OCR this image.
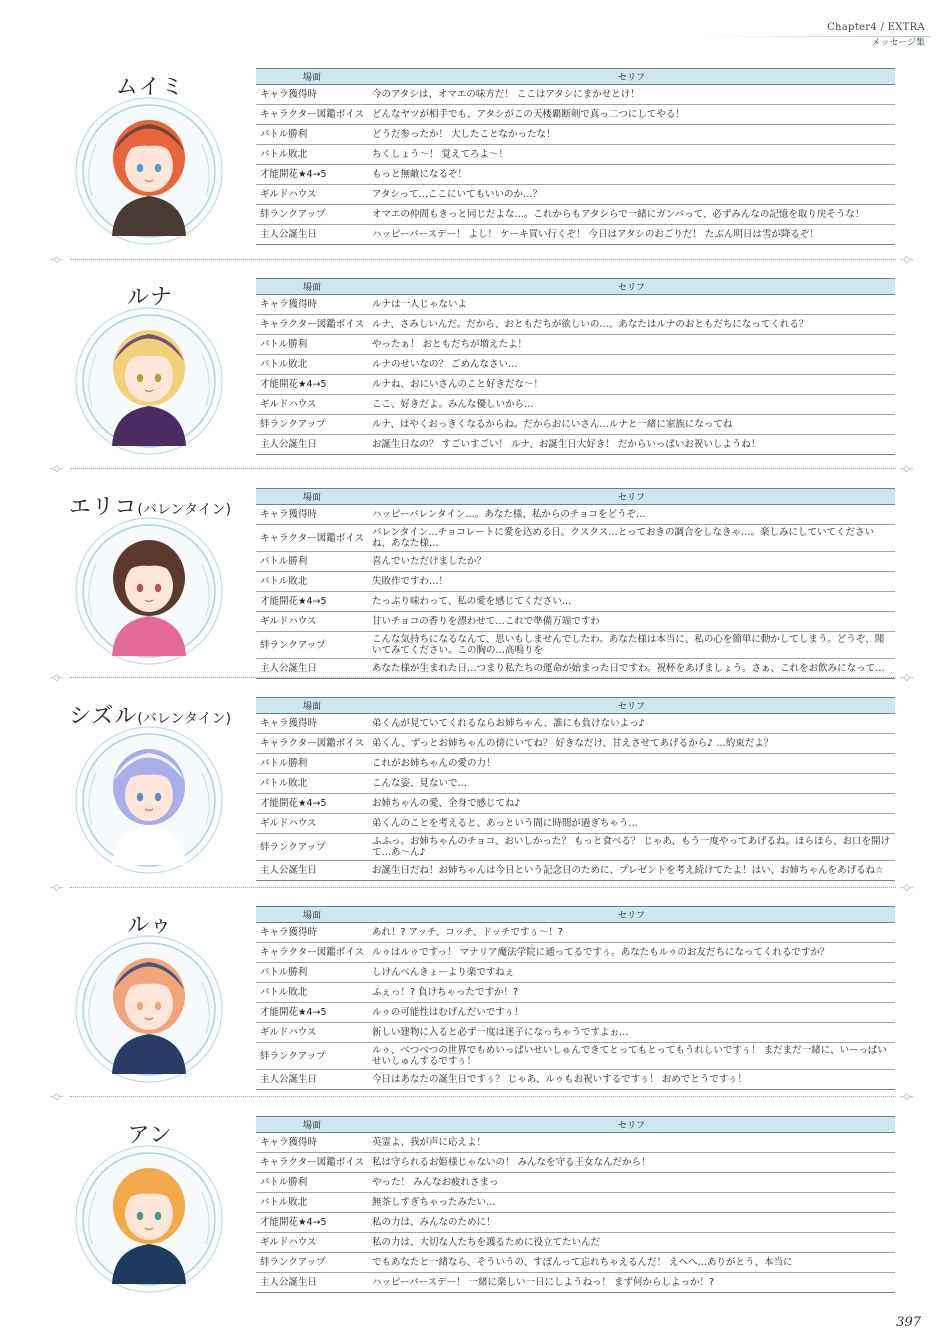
Chapter4 / EXTRA
メッセージ集
ムイミ	場面	セリフ
キャラ獲得時	今のアタシは、オマエの味方だ！ ここはアタシにまかせとけ！
キャラクター図鑑ボイス	どんなヤツが相手でも、アタシがこの天楼覇断剣で真っ二つにしてやる！
バトル勝利	どうだ参ったか！ 大したことなかったな！
バトル敗北	ちくしょう〜！ 覚えてろよ〜！
才能開花★4→5	もっと無敵になるぞ！
ギルドハウス	アタシって…ここにいてもいいのか…？
絆ランクアップ	オマエの仲間もきっと同じだよな…。これからもアタシらで一緒にガンバって、必ずみんなの記憶を取り戻そうな！
主人公誕生日	ハッピーバースデー！ よし！ ケーキ買い行くぞ！ 今日はアタシのおごりだ！ たぶん明日は雪が降るぞ！
ルナ	場面	セリフ
キャラ獲得時	ルナは一人じゃないよ
キャラクター図鑑ボイス	ルナ、さみしいんだ。だから、おともだちが欲しいの…、あなたはルナのおともだちになってくれる？
バトル勝利	やったぁ！ おともだちが増えたよ！
バトル敗北	ルナのせいなの？ ごめんなさい…
才能開花★4→5	ルナね、おにいさんのこと好きだな〜！
ギルドハウス	ここ、好きだよ。みんな優しいから…
絆ランクアップ	ルナ、はやくおっきくなるからね。だからおにいさん…ルナと一緒に家族になってね
主人公誕生日	お誕生日なの？ すごいすごい！ ルナ、お誕生日大好き！ だからいっぱいお祝いしようね！
エリコ(バレンタイン)
場面	セリフ
キャラ獲得時	ハッピーバレンタイン…。あなた様、私からのチョコをどうぞ…
キャラクター図鑑ボイス	バレンタイン…チョコレートに愛を込める日。クスクス…とっておきの調合をしなきゃ…。楽しみにしていてくださいね、あなた様…
バトル勝利	喜んでいただけましたか？
バトル敗北	失敗作ですわ…！
才能開花★4→5	たっぷり味わって、私の愛を感じてください…
ギルドハウス	甘いチョコの香りを漂わせて…これで準備万端ですわ
絆ランクアップ	こんな気持ちになるなんて、思いもしませんでしたわ。あなた様は本当に、私の心を簡単に動かしてしまう。どうぞ、聞いてみてください。この胸の…高鳴りを
主人公誕生日	あなた様が生まれた日…つまり私たちの運命が始まった日ですわ。祝杯をあげましょう。さぁ、これをお飲みになって…
シズル(バレンタイン)
場面	セリフ
キャラ獲得時	弟くんが見ていてくれるならお姉ちゃん、誰にも負けないよっ♪
キャラクター図鑑ボイス	弟くん、ずっとお姉ちゃんの傍にいてね？ 好きなだけ、甘えさせてあげるから♪ …約束だよ？
バトル勝利	これがお姉ちゃんの愛の力！
バトル敗北	こんな姿、見ないで…
才能開花★4→5	お姉ちゃんの愛、全身で感じてね♪
ギルドハウス	弟くんのことを考えると、あっという間に時間が過ぎちゃう…
絆ランクアップ	ふふっ。お姉ちゃんのチョコ、おいしかった？ もっと食べる？ じゃあ、もう一度やってあげるね。ほらほら、お口を開けて…あ〜ん♪
主人公誕生日	お誕生日だね！お姉ちゃんは今日という記念日のために、プレゼントを考え続けてたよ！はい、お姉ちゃんをあげるね☆
ルゥ	場面	セリフ
キャラ獲得時	あれ！? アッチ、コッチ、ドッチですぅ〜！?
キャラクター図鑑ボイス	ルゥはルゥですっ！ マナリア魔法学院に通ってるですぅ。あなたもルゥのお友だちになってくれるですか？
バトル勝利	しけんべんきょーより楽ですねぇ
バトル敗北	ふぇっ！? 負けちゃったですか！?
才能開花★4→5	ルゥの可能性はむげんだいですぅ！
ギルドハウス	新しい建物に入ると必ず一度は迷子になっちゃうですよぉ…
絆ランクアップ	ルゥ、べつべつの世界でもめいっぱいせいしゅんできてとってもとってもうれしいですぅ！ まだまだ一緒に、いーっぱいせいしゅんするですぅ！
主人公誕生日	今日はあなたの誕生日ですぅ？ じゃあ、ルゥもお祝いするですぅ！ おめでとうですぅ！
アン	場面	セリフ
キャラ獲得時	英霊よ、我が声に応えよ！
キャラクター図鑑ボイス	私は守られるお姫様じゃないの！ みんなを守る王女なんだから！
バトル勝利	やった！ みんなお疲れさまっ
バトル敗北	無茶しすぎちゃったみたい…
才能開花★4→5	私の力は、みんなのために！
ギルドハウス	私の力は、大切な人たちを護るために役立てたいんだ
絆ランクアップ	でもあなたと一緒なら、そういうの、すぽんって忘れちゃえるんだ！ えへへ…ありがとう、本当に
主人公誕生日	ハッピーバースデー！ 一緒に楽しい一日にしようねっ！ まず何からしよっか！?
-◇-	-◇-
-◇-	-◇-
-◇-	-◇-
-◇-	-◇-
-◇-	-◇-
397
